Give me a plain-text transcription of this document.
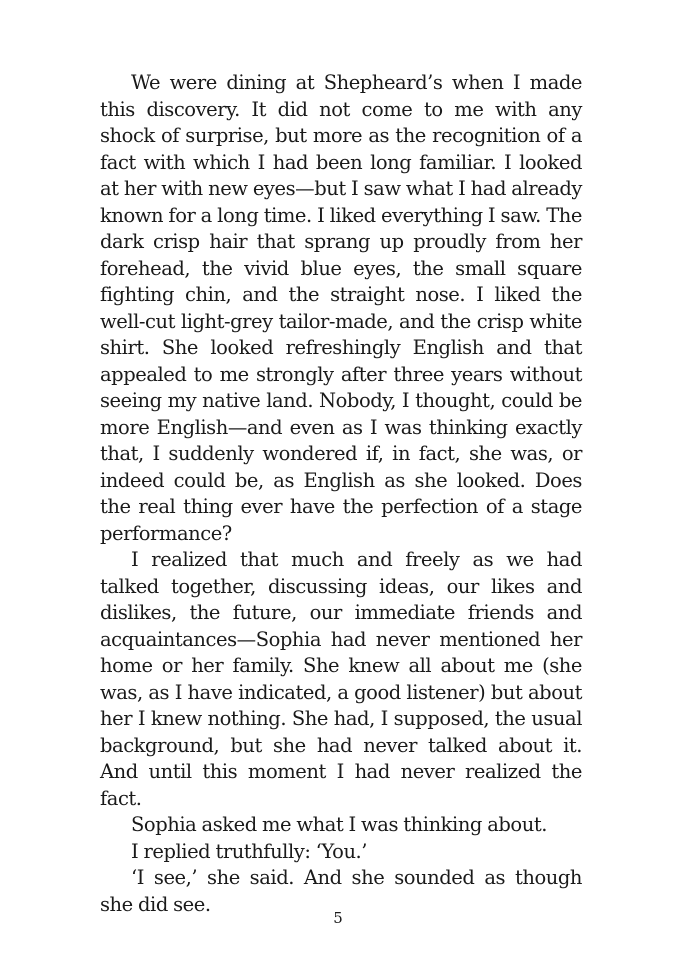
We were dining at Shepheard’s when I made this discovery. It did not come to me with any shock of surprise, but more as the recognition of a fact with which I had been long familiar. I looked at her with new eyes—but I saw what I had already known for a long time. I liked everything I saw. The dark crisp hair that sprang up proudly from her forehead, the vivid blue eyes, the small square fighting chin, and the straight nose. I liked the well-cut light-grey tailor-made, and the crisp white shirt. She looked refreshingly English and that appealed to me strongly after three years without seeing my native land. Nobody, I thought, could be more English—and even as I was thinking exactly that, I suddenly wondered if, in fact, she was, or indeed could be, as English as she looked. Does the real thing ever have the perfection of a stage performance?

I realized that much and freely as we had talked together, discussing ideas, our likes and dislikes, the future, our immediate friends and acquaintances—Sophia had never mentioned her home or her family. She knew all about me (she was, as I have indicated, a good listener) but about her I knew nothing. She had, I supposed, the usual background, but she had never talked about it. And until this moment I had never realized the fact.

Sophia asked me what I was thinking about.

I replied truthfully: ‘You.’

‘I see,’ she said. And she sounded as though she did see.

5
